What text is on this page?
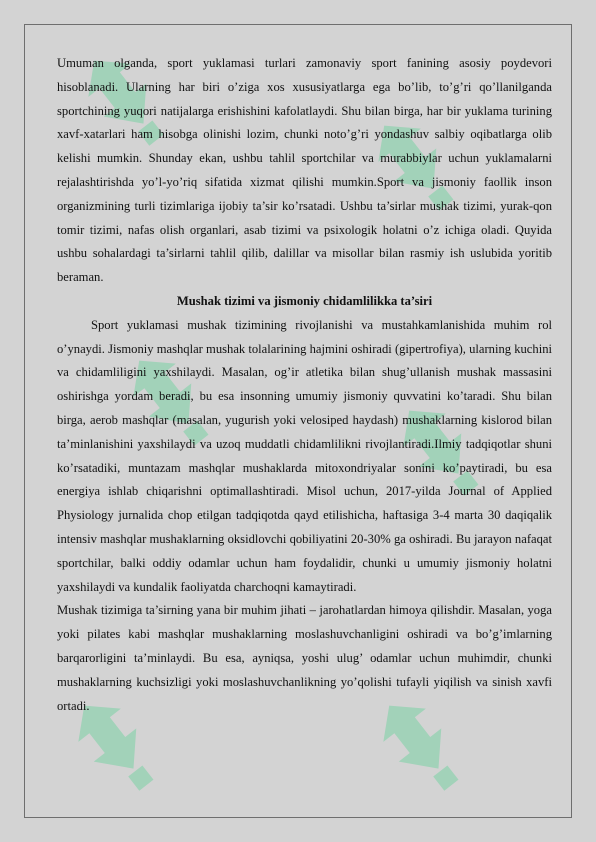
Umuman olganda, sport yuklamasi turlari zamonaviy sport fanining asosiy poydevori hisoblanadi. Ularning har biri o’ziga xos xususiyatlarga ega bo’lib, to’g’ri qo’llanilganda sportchining yuqori natijalarga erishishini kafolatlaydi. Shu bilan birga, har bir yuklama turining xavf-xatarlari ham hisobga olinishi lozim, chunki noto’g’ri yondashuv salbiy oqibatlarga olib kelishi mumkin. Shunday ekan, ushbu tahlil sportchilar va murabbiylar uchun yuklamalarni rejalashtirishda yo’l-yo’riq sifatida xizmat qilishi mumkin.Sport va jismoniy faollik inson organizmining turli tizimlariga ijobiy ta’sir ko’rsatadi. Ushbu ta’sirlar mushak tizimi, yurak-qon tomir tizimi, nafas olish organlari, asab tizimi va psixologik holatni o’z ichiga oladi. Quyida ushbu sohalardagi ta’sirlarni tahlil qilib, dalillar va misollar bilan rasmiy ish uslubida yoritib beraman.

Mushak tizimi va jismoniy chidamlilikka ta’siri

Sport yuklamasi mushak tizimining rivojlanishi va mustahkamlanishida muhim rol o’ynaydi. Jismoniy mashqlar mushak tolalarining hajmini oshiradi (gipertrofiya), ularning kuchini va chidamliligini yaxshilaydi. Masalan, og’ir atletika bilan shug’ullanish mushak massasini oshirishga yordam beradi, bu esa insonning umumiy jismoniy quvvatini ko’taradi. Shu bilan birga, aerob mashqlar (masalan, yugurish yoki velosiped haydash) mushaklarning kislorod bilan ta’minlanishini yaxshilaydi va uzoq muddatli chidamlilikni rivojlantiradi.Ilmiy tadqiqotlar shuni ko’rsatadiki, muntazam mashqlar mushaklarda mitoxondriyalar sonini ko’paytiradi, bu esa energiya ishlab chiqarishni optimallashtiradi. Misol uchun, 2017-yilda Journal of Applied Physiology jurnalida chop etilgan tadqiqotda qayd etilishicha, haftasiga 3-4 marta 30 daqiqalik intensiv mashqlar mushaklarning oksidlovchi qobiliyatini 20-30% ga oshiradi. Bu jarayon nafaqat sportchilar, balki oddiy odamlar uchun ham foydalidir, chunki u umumiy jismoniy holatni yaxshilaydi va kundalik faoliyatda charchoqni kamaytiradi.

Mushak tizimiga ta’sirning yana bir muhim jihati – jarohatlardan himoya qilishdir. Masalan, yoga yoki pilates kabi mashqlar mushaklarning moslashuvchanligini oshiradi va bo’g’imlarning barqarorligini ta’minlaydi. Bu esa, ayniqsa, yoshi ulug’ odamlar uchun muhimdir, chunki mushaklarning kuchsizligi yoki moslashuvchanlikning yo’qolishi tufayli yiqilish va sinish xavfi ortadi.
